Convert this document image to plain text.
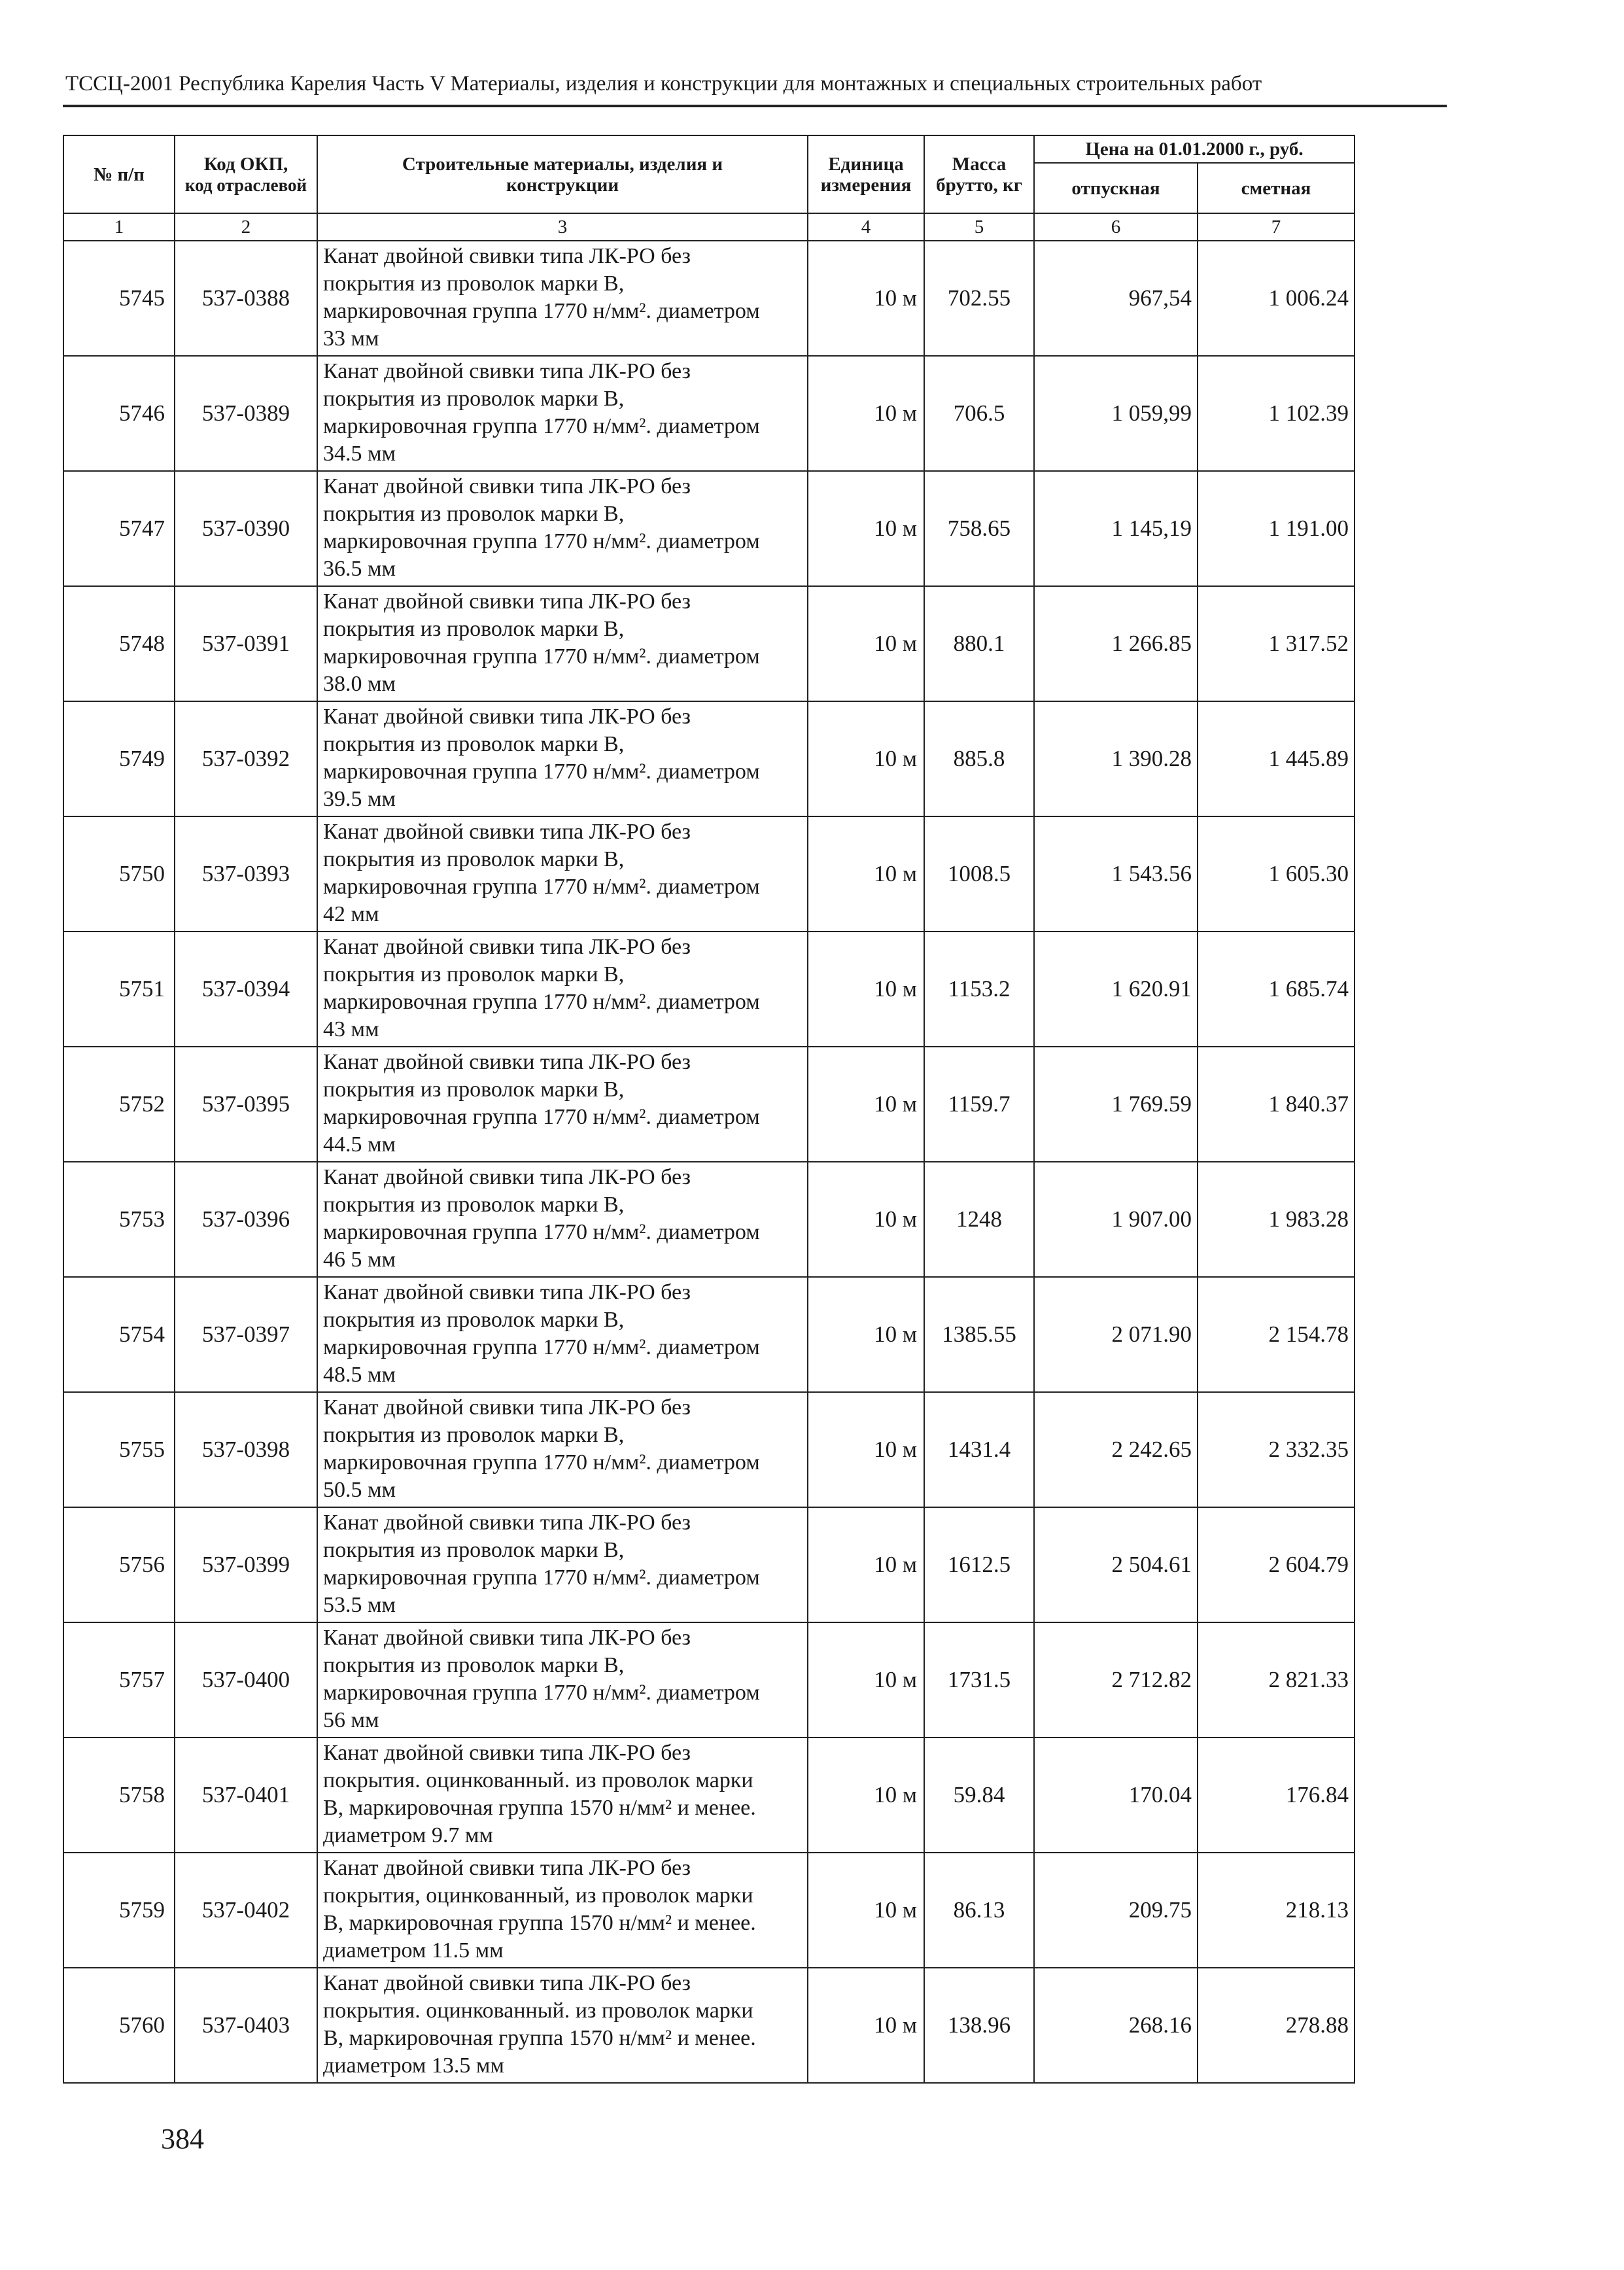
ТССЦ-2001 Республика Карелия Часть V Материалы, изделия и конструкции для монтажных и специальных строительных работ
№ п/п	Код ОКП,
код отраслевой	Строительные материалы, изделия и конструкции	Единица измерения	Масса брутто, кг	Цена на 01.01.2000 г., руб.	
					отпускная	сметная
1	2	3	4	5	6	7
5745	537-0388	Канат двойной свивки типа ЛК-РО без
покрытия из проволок марки В,
маркировочная группа 1770 н/мм². диаметром
33 мм	10 м	702.55	967,54	1 006.24
5746	537-0389	Канат двойной свивки типа ЛК-РО без
покрытия из проволок марки В,
маркировочная группа 1770 н/мм². диаметром
34.5 мм	10 м	706.5	1 059,99	1 102.39
5747	537-0390	Канат двойной свивки типа ЛК-РО без
покрытия из проволок марки В,
маркировочная группа 1770 н/мм². диаметром
36.5 мм	10 м	758.65	1 145,19	1 191.00
5748	537-0391	Канат двойной свивки типа ЛК-РО без
покрытия из проволок марки В,
маркировочная группа 1770 н/мм². диаметром
38.0 мм	10 м	880.1	1 266.85	1 317.52
5749	537-0392	Канат двойной свивки типа ЛК-РО без
покрытия из проволок марки В,
маркировочная группа 1770 н/мм². диаметром
39.5 мм	10 м	885.8	1 390.28	1 445.89
5750	537-0393	Канат двойной свивки типа ЛК-РО без
покрытия из проволок марки В,
маркировочная группа 1770 н/мм². диаметром
42 мм	10 м	1008.5	1 543.56	1 605.30
5751	537-0394	Канат двойной свивки типа ЛК-РО без
покрытия из проволок марки В,
маркировочная группа 1770 н/мм². диаметром
43 мм	10 м	1153.2	1 620.91	1 685.74
5752	537-0395	Канат двойной свивки типа ЛК-РО без
покрытия из проволок марки В,
маркировочная группа 1770 н/мм². диаметром
44.5 мм	10 м	1159.7	1 769.59	1 840.37
5753	537-0396	Канат двойной свивки типа ЛК-РО без
покрытия из проволок марки В,
маркировочная группа 1770 н/мм². диаметром
46 5 мм	10 м	1248	1 907.00	1 983.28
5754	537-0397	Канат двойной свивки типа ЛК-РО без
покрытия из проволок марки В,
маркировочная группа 1770 н/мм². диаметром
48.5 мм	10 м	1385.55	2 071.90	2 154.78
5755	537-0398	Канат двойной свивки типа ЛК-РО без
покрытия из проволок марки В,
маркировочная группа 1770 н/мм². диаметром
50.5 мм	10 м	1431.4	2 242.65	2 332.35
5756	537-0399	Канат двойной свивки типа ЛК-РО без
покрытия из проволок марки В,
маркировочная группа 1770 н/мм². диаметром
53.5 мм	10 м	1612.5	2 504.61	2 604.79
5757	537-0400	Канат двойной свивки типа ЛК-РО без
покрытия из проволок марки В,
маркировочная группа 1770 н/мм². диаметром
56 мм	10 м	1731.5	2 712.82	2 821.33
5758	537-0401	Канат двойной свивки типа ЛК-РО без
покрытия. оцинкованный. из проволок марки
В, маркировочная группа 1570 н/мм² и менее.
диаметром 9.7 мм	10 м	59.84	170.04	176.84
5759	537-0402	Канат двойной свивки типа ЛК-РО без
покрытия, оцинкованный, из проволок марки
В, маркировочная группа 1570 н/мм² и менее.
диаметром 11.5 мм	10 м	86.13	209.75	218.13
5760	537-0403	Канат двойной свивки типа ЛК-РО без
покрытия. оцинкованный. из проволок марки
В, маркировочная группа 1570 н/мм² и менее.
диаметром 13.5 мм	10 м	138.96	268.16	278.88
384
